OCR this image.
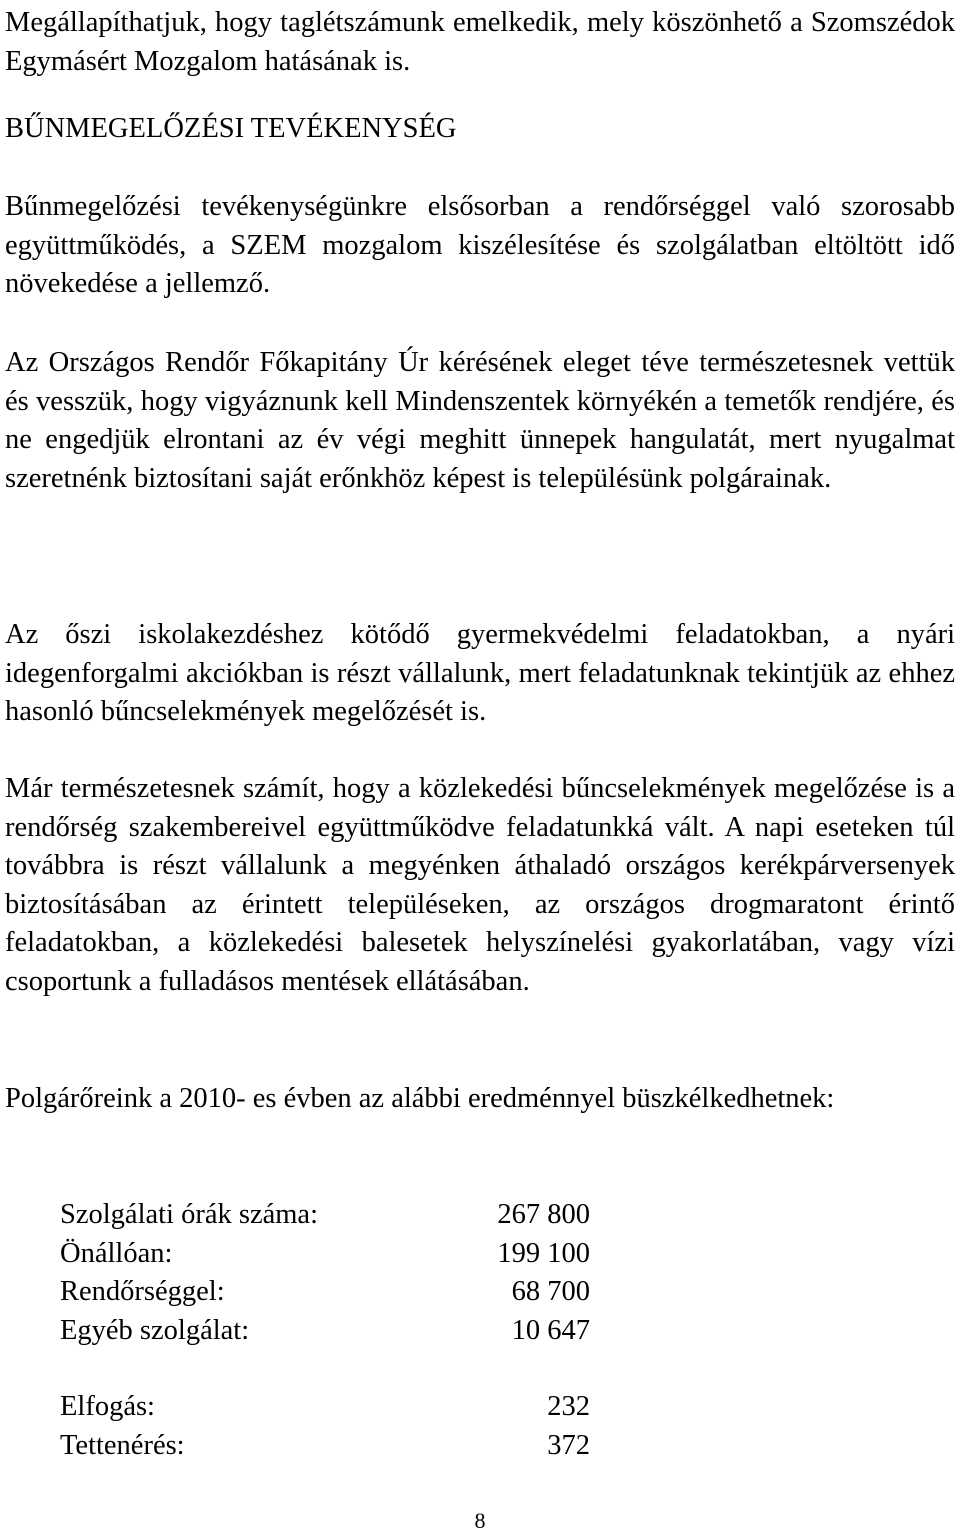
Megállapíthatjuk, hogy taglétszámunk emelkedik, mely köszönhető a Szomszédok Egymásért Mozgalom hatásának is.

BŰNMEGELŐZÉSI TEVÉKENYSÉG

Bűnmegelőzési tevékenységünkre elsősorban a rendőrséggel való szorosabb együttműködés, a SZEM mozgalom kiszélesítése és szolgálatban eltöltött idő növekedése a jellemző.

Az Országos Rendőr Főkapitány Úr kérésének eleget téve természetesnek vettük és vesszük, hogy vigyáznunk kell Mindenszentek környékén a temetők rendjére, és ne engedjük elrontani az év végi meghitt ünnepek hangulatát, mert nyugalmat szeretnénk biztosítani saját erőnkhöz képest is településünk polgárainak.

Az őszi iskolakezdéshez kötődő gyermekvédelmi feladatokban, a nyári idegenforgalmi akciókban is részt vállalunk, mert feladatunknak tekintjük az ehhez hasonló bűncselekmények megelőzését is.

Már természetesnek számít, hogy a közlekedési bűncselekmények megelőzése is a rendőrség szakembereivel együttműködve feladatunkká vált. A napi eseteken túl továbbra is részt vállalunk a megyénken áthaladó országos kerékpárversenyek biztosításában az érintett településeken, az országos drogmaratont érintő feladatokban, a közlekedési balesetek helyszínelési gyakorlatában, vagy vízi csoportunk a fulladásos mentések ellátásában.

Polgárőreink a 2010- es évben az alábbi eredménnyel büszkélkedhetnek:

Szolgálati órák száma:	267 800
Önállóan:	199 100
Rendőrséggel:	68 700
Egyéb szolgálat:	10 647
Elfogás:	232
Tettenérés:	372
8
